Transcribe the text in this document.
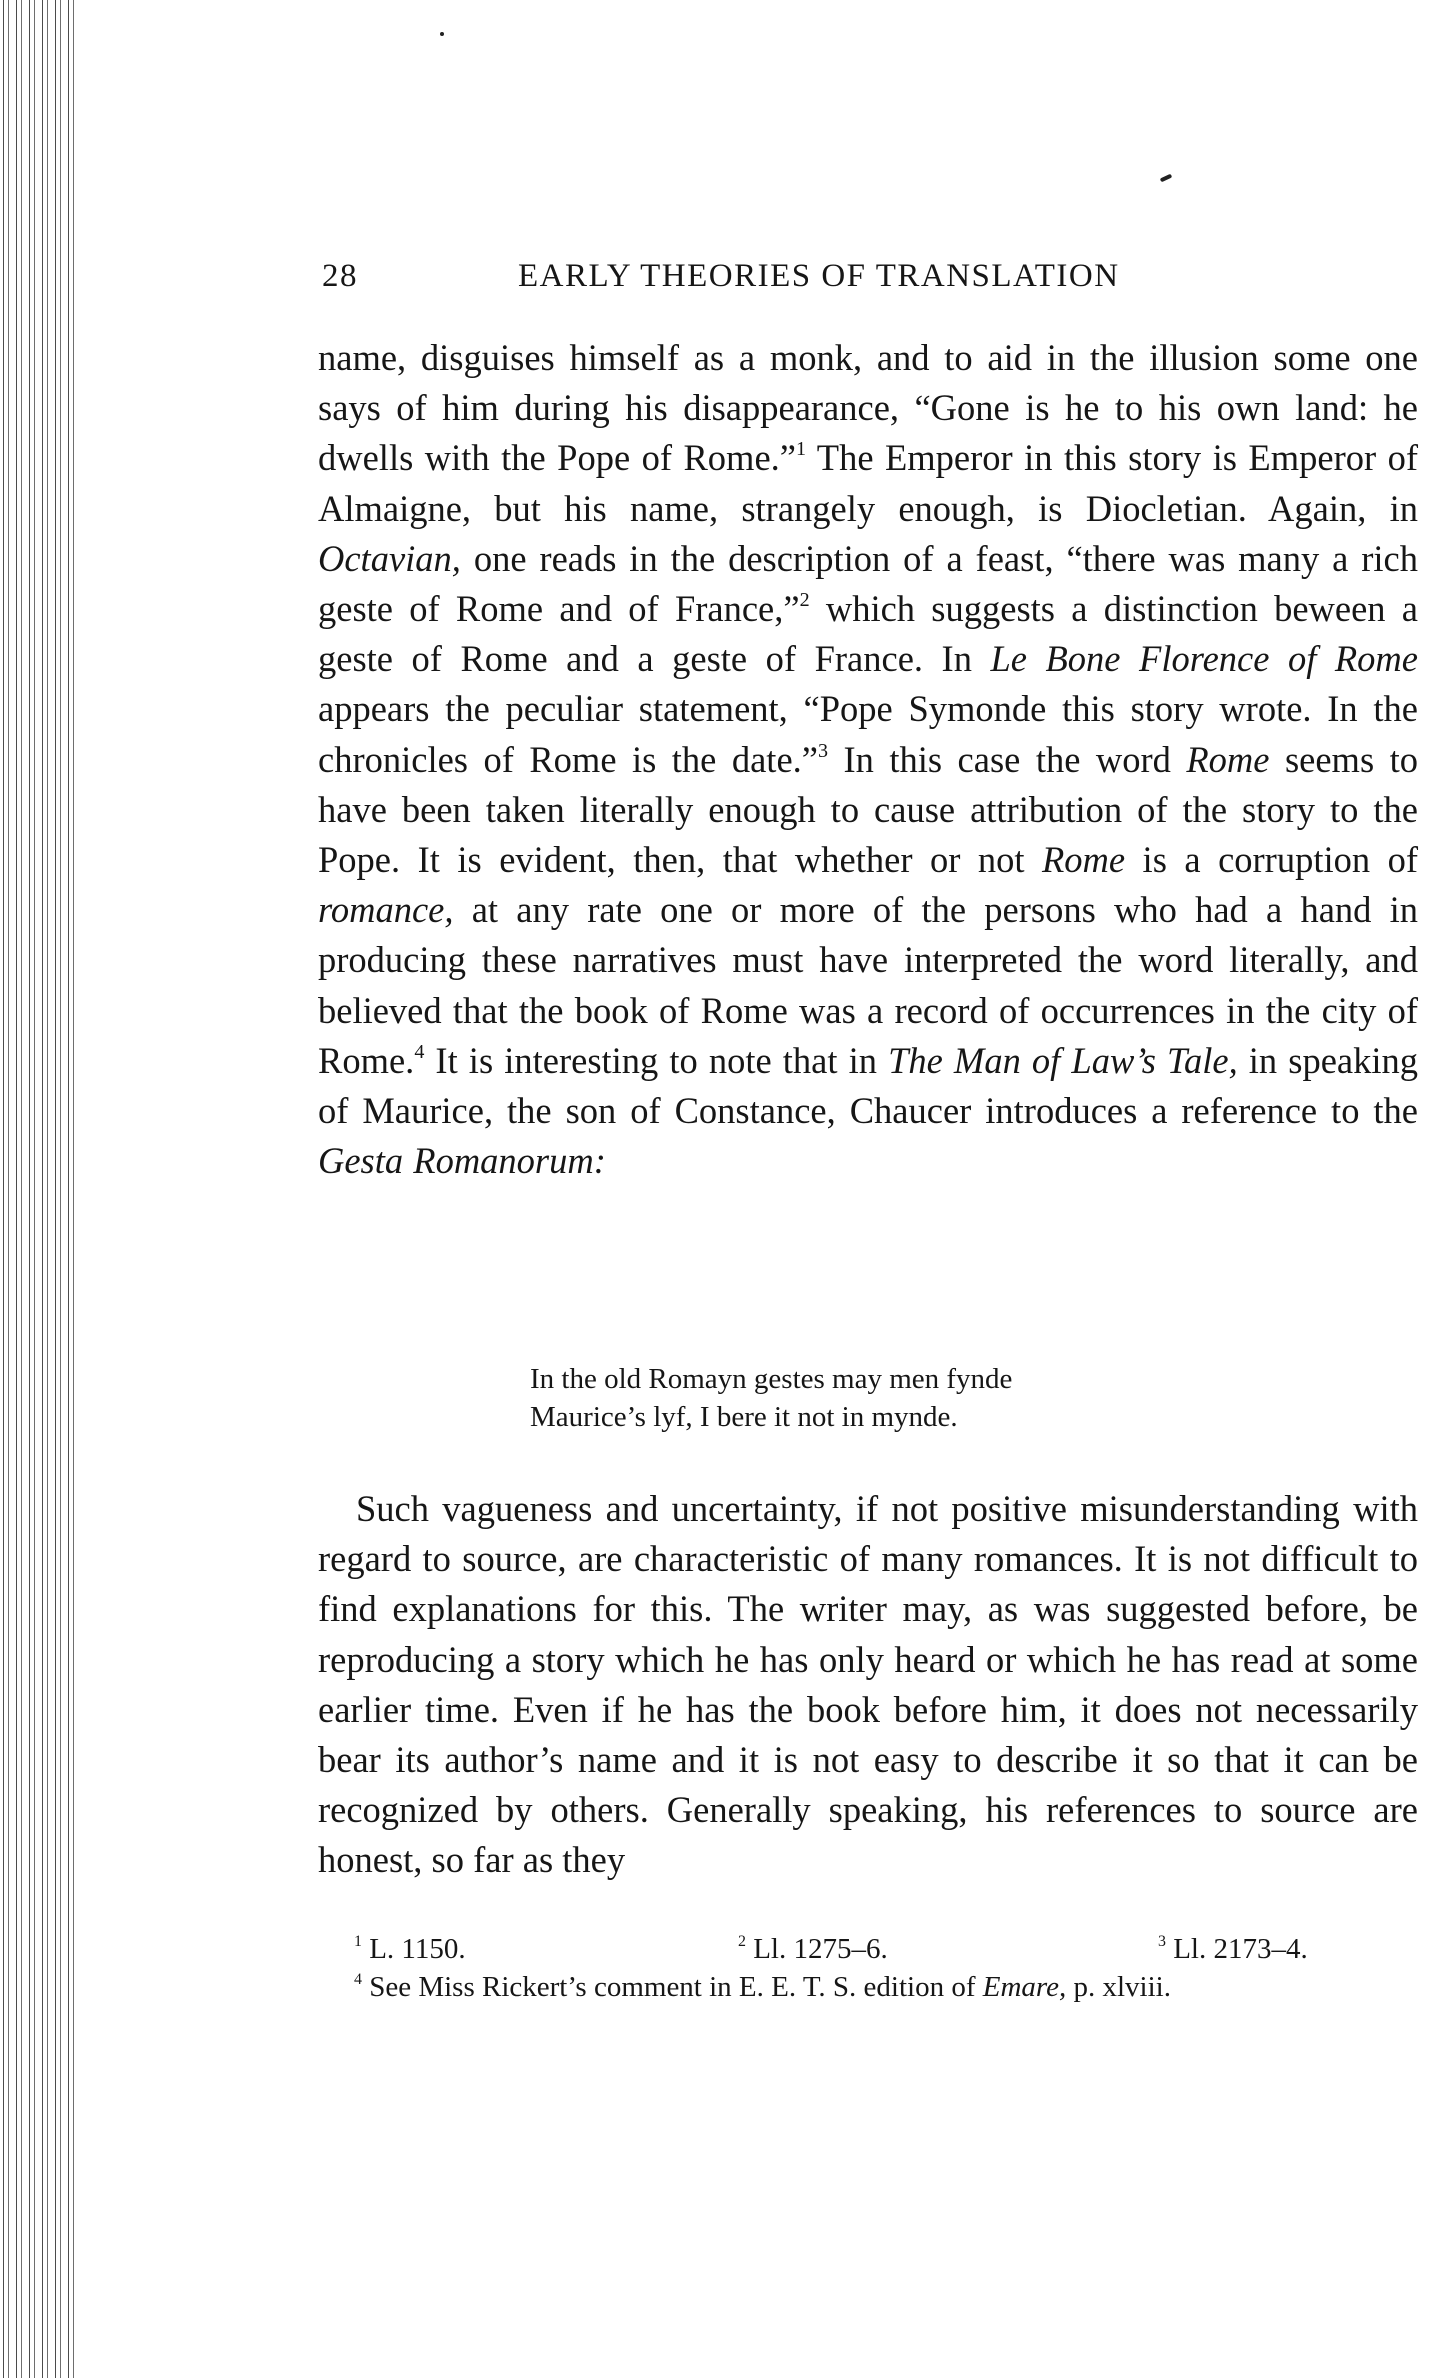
28	EARLY THEORIES OF TRANSLATION

name, disguises himself as a monk, and to aid in the illusion some one says of him during his disappearance, “Gone is he to his own land: he dwells with the Pope of Rome.”$^1$ The Emperor in this story is Emperor of Almaigne, but his name, strangely enough, is Diocletian. Again, in Octavian, one reads in the description of a feast, “there was many a rich geste of Rome and of France,”$^2$ which suggests a distinction beween a geste of Rome and a geste of France. In Le Bone Florence of Rome appears the peculiar statement, “Pope Symonde this story wrote. In the chronicles of Rome is the date.”$^3$ In this case the word Rome seems to have been taken literally enough to cause attribution of the story to the Pope. It is evident, then, that whether or not Rome is a corruption of romance, at any rate one or more of the persons who had a hand in producing these narratives must have interpreted the word literally, and believed that the book of Rome was a record of occurrences in the city of Rome.$^4$ It is interesting to note that in The Man of Law’s Tale, in speaking of Maurice, the son of Constance, Chaucer introduces a reference to the Gesta Romanorum:

In the old Romayn gestes may men fynde
Maurice’s lyf, I bere it not in mynde.

Such vagueness and uncertainty, if not positive misunderstanding with regard to source, are characteristic of many romances. It is not difficult to find explanations for this. The writer may, as was suggested before, be reproducing a story which he has only heard or which he has read at some earlier time. Even if he has the book before him, it does not necessarily bear its author’s name and it is not easy to describe it so that it can be recognized by others. Generally speaking, his references to source are honest, so far as they

$^1$ L. 1150.	$^2$ Ll. 1275–6.	$^3$ Ll. 2173–4.
$^4$ See Miss Rickert’s comment in E. E. T. S. edition of Emare, p. xlviii.
